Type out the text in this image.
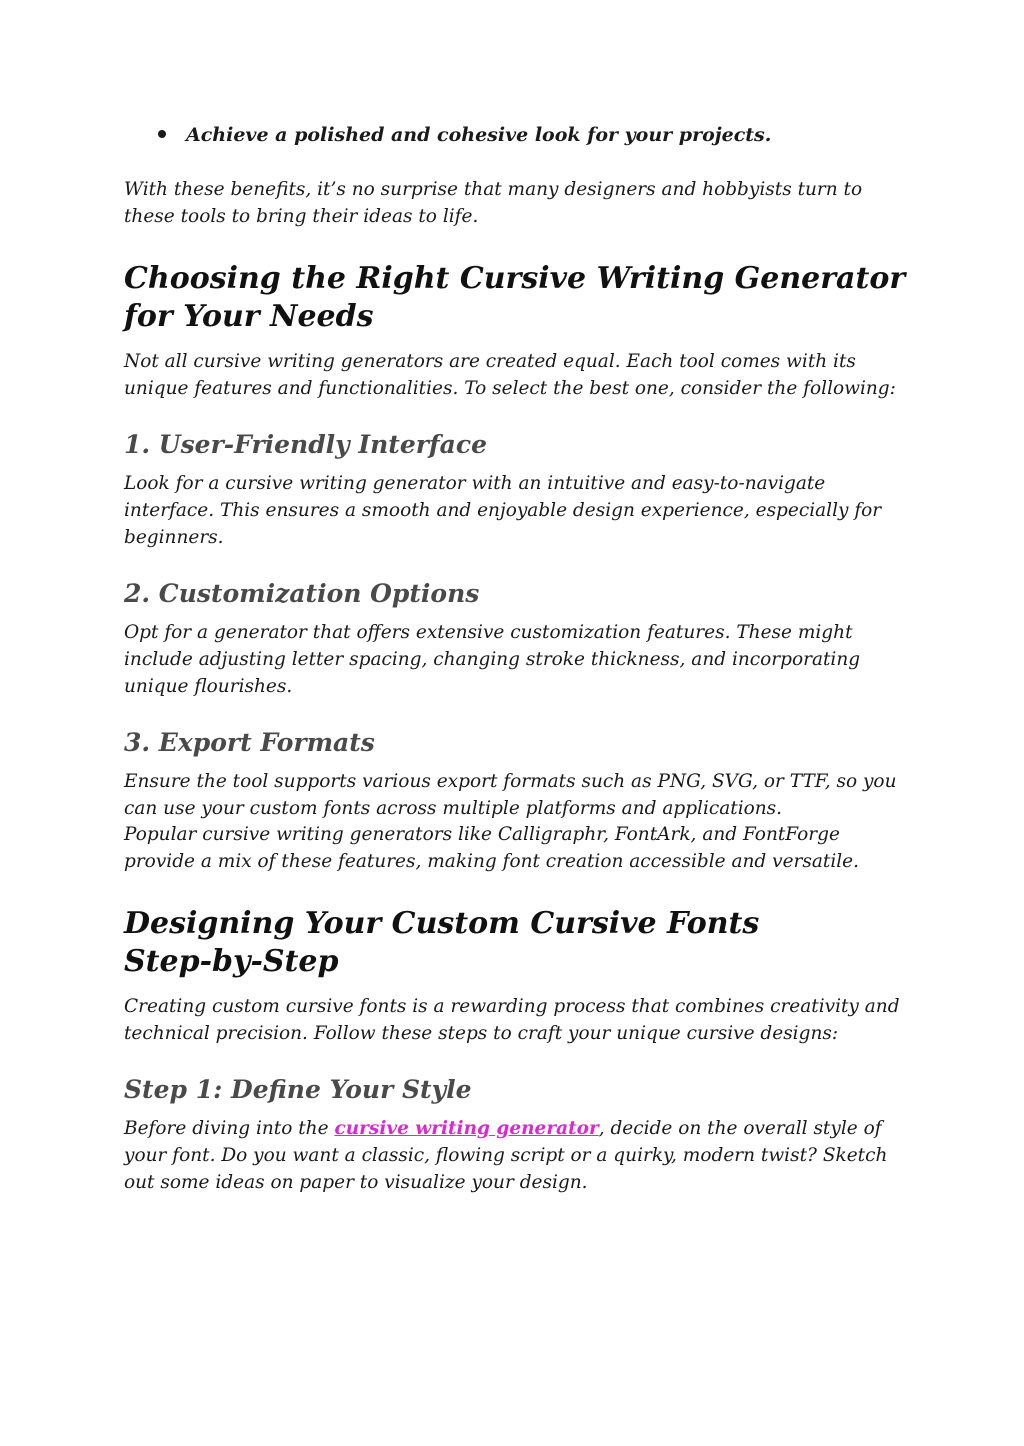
Achieve a polished and cohesive look for your projects.

With these benefits, it’s no surprise that many designers and hobbyists turn to these tools to bring their ideas to life.

Choosing the Right Cursive Writing Generator for Your Needs

Not all cursive writing generators are created equal. Each tool comes with its unique features and functionalities. To select the best one, consider the following:

1. User-Friendly Interface

Look for a cursive writing generator with an intuitive and easy-to-navigate interface. This ensures a smooth and enjoyable design experience, especially for beginners.

2. Customization Options

Opt for a generator that offers extensive customization features. These might include adjusting letter spacing, changing stroke thickness, and incorporating unique flourishes.

3. Export Formats

Ensure the tool supports various export formats such as PNG, SVG, or TTF, so you can use your custom fonts across multiple platforms and applications.

Popular cursive writing generators like Calligraphr, FontArk, and FontForge provide a mix of these features, making font creation accessible and versatile.

Designing Your Custom Cursive Fonts
Step-by-Step

Creating custom cursive fonts is a rewarding process that combines creativity and technical precision. Follow these steps to craft your unique cursive designs:

Step 1: Define Your Style

Before diving into the cursive writing generator, decide on the overall style of your font. Do you want a classic, flowing script or a quirky, modern twist? Sketch out some ideas on paper to visualize your design.
